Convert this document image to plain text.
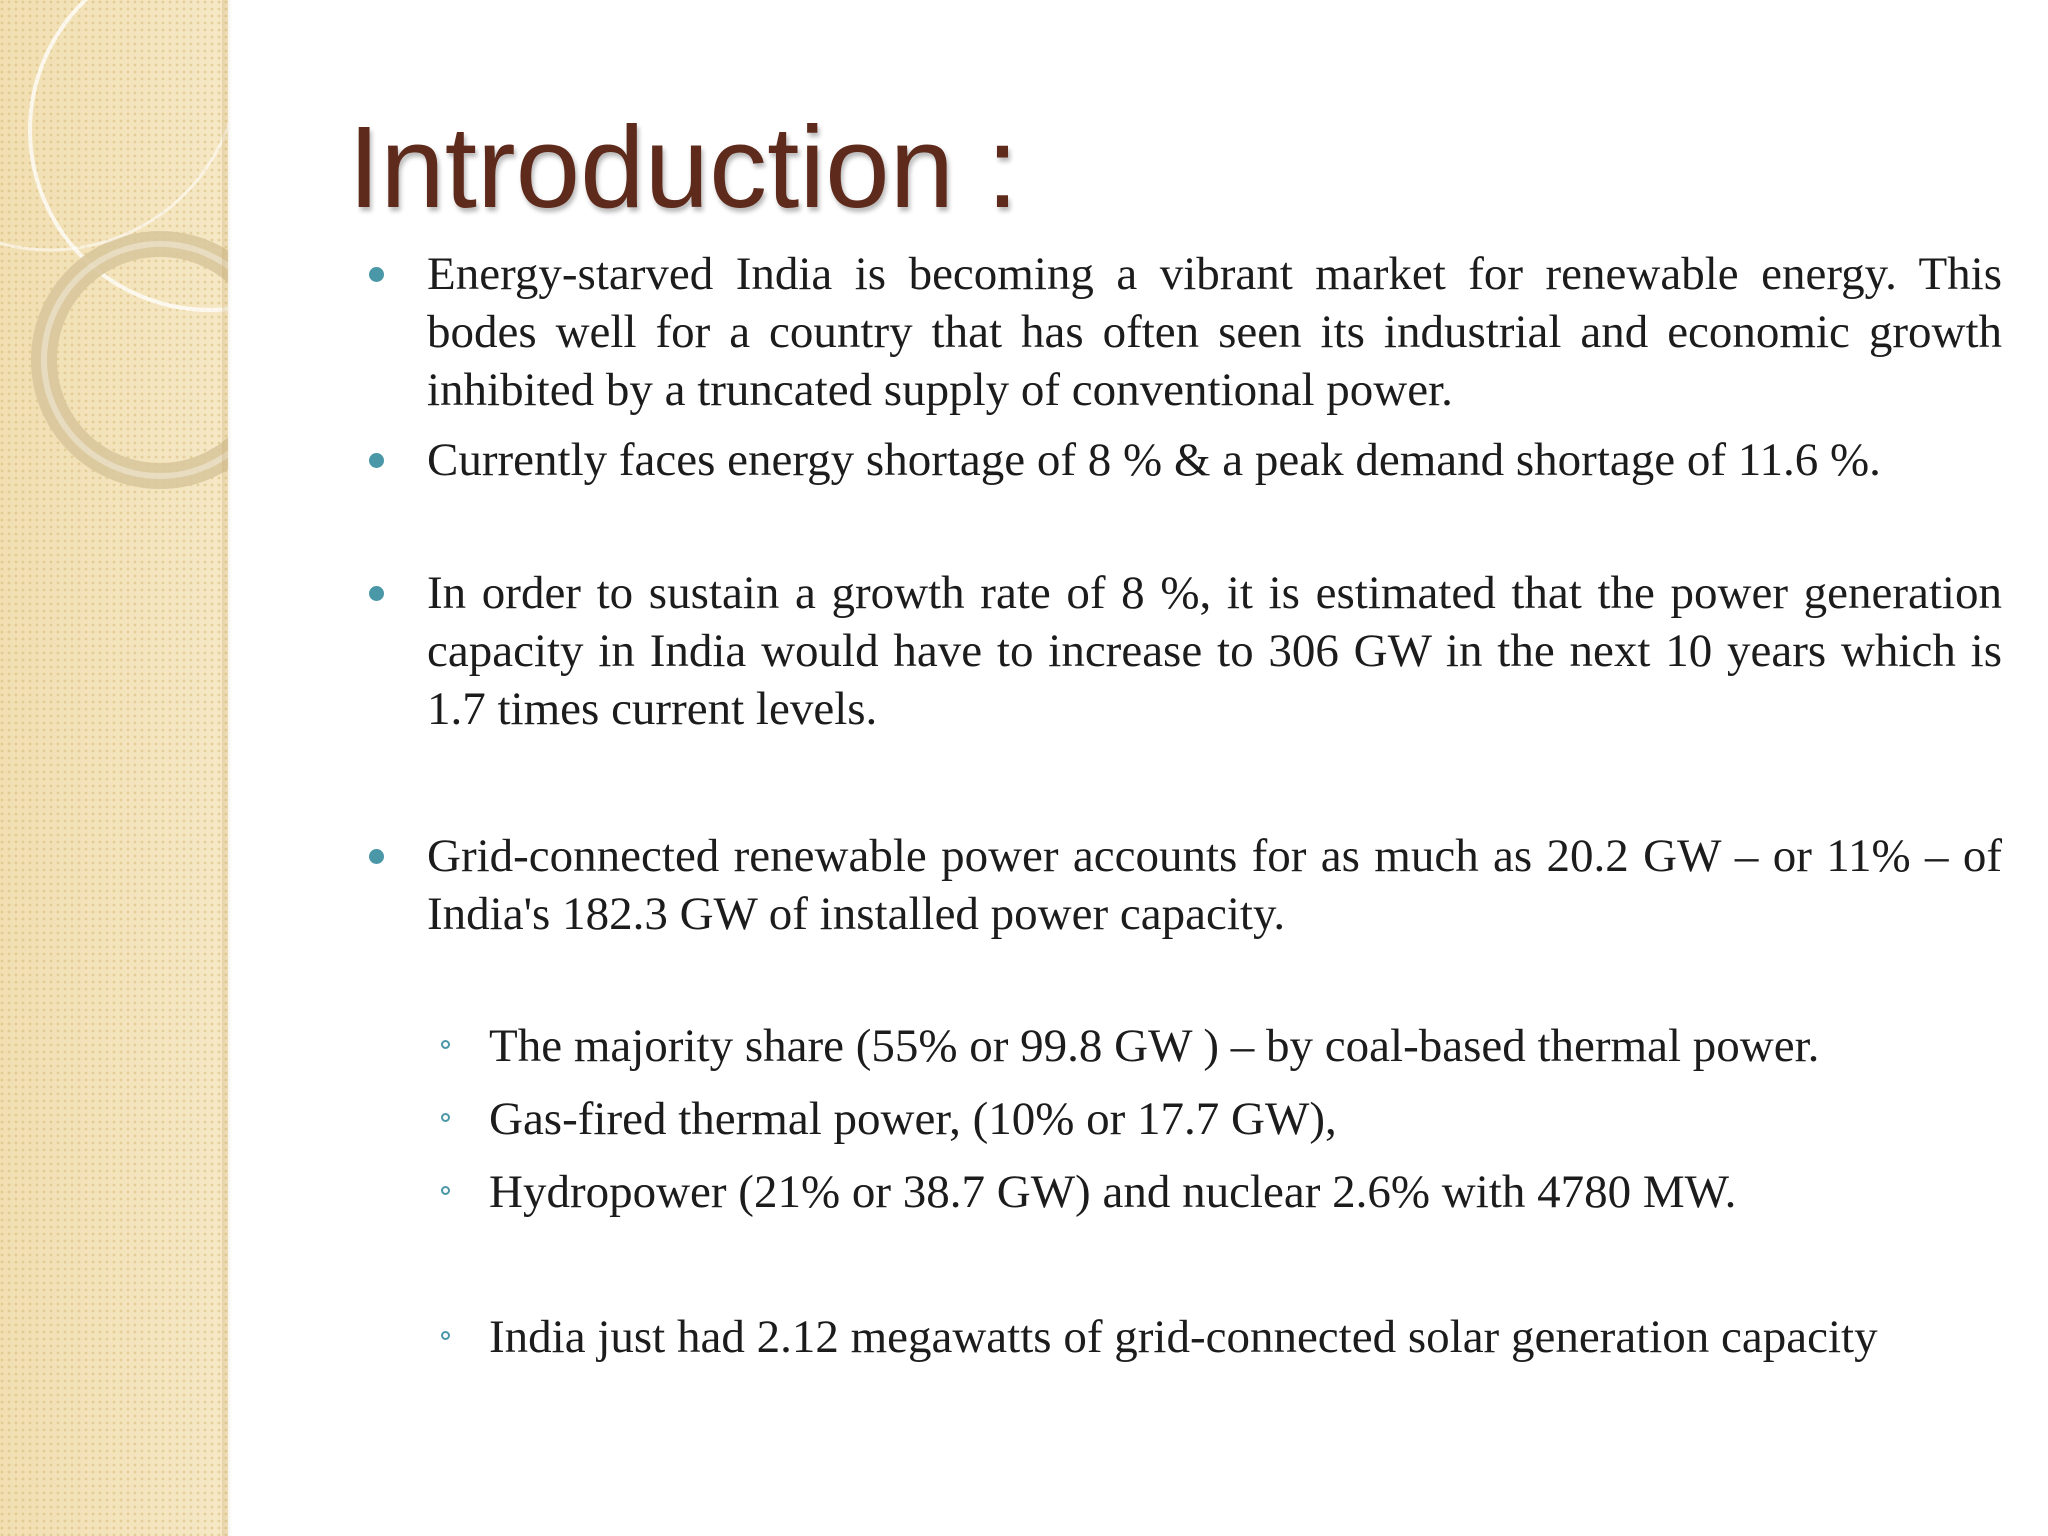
Introduction :
Energy-starved India is becoming a vibrant market for renewable energy. This bodes well for a country that has often seen its industrial and economic growth inhibited by a truncated supply of conventional power.
Currently faces energy shortage of 8 % & a peak demand shortage of 11.6 %.
In order to sustain a growth rate of 8 %, it is estimated that the power generation capacity in India would have to increase to 306 GW in the next 10 years which is 1.7 times current levels.
Grid-connected renewable power accounts for as much as 20.2 GW – or 11% – of India's 182.3 GW of installed power capacity.
The majority share (55% or 99.8 GW ) – by coal-based thermal power.
Gas-fired thermal power, (10% or 17.7 GW),
Hydropower (21% or 38.7 GW) and nuclear 2.6% with 4780 MW.
India just had 2.12 megawatts of grid-connected solar generation capacity
